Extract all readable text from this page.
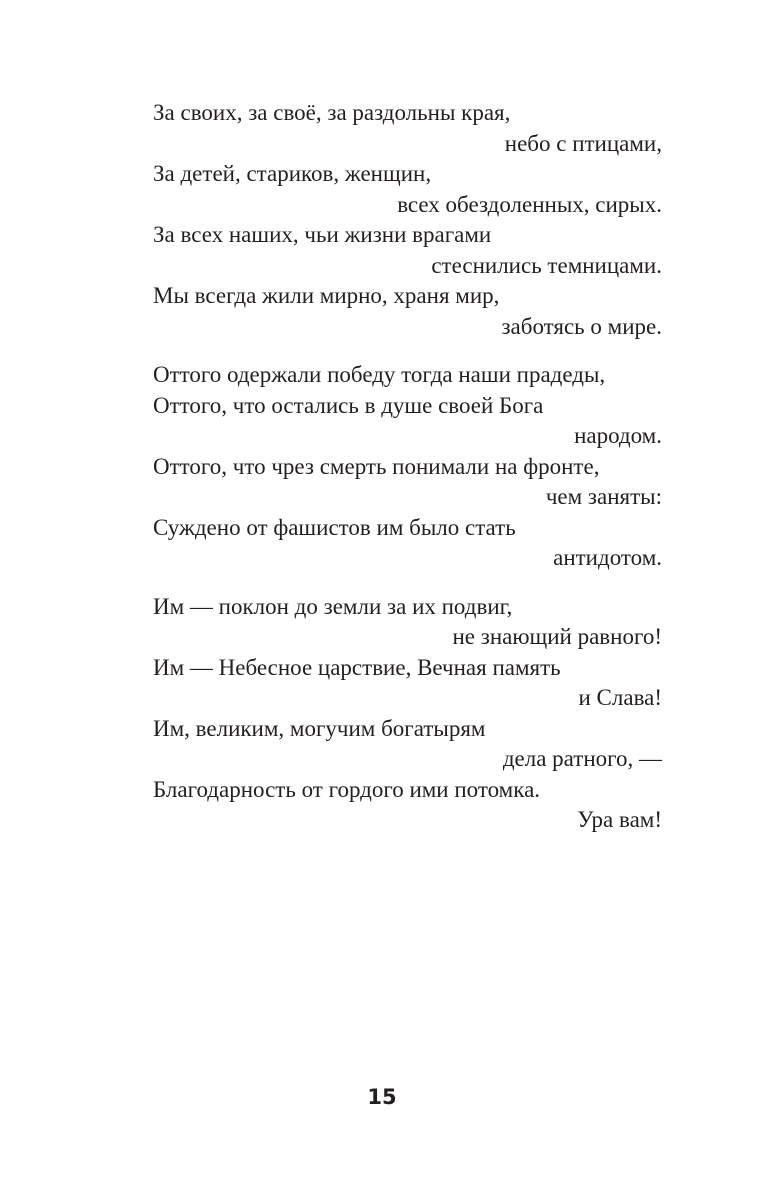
За своих, за своё, за раздольны края,
небо с птицами,
За детей, стариков, женщин,
всех обездоленных, сирых.
За всех наших, чьи жизни врагами
стеснились темницами.
Мы всегда жили мирно, храня мир,
заботясь о мире.
Оттого одержали победу тогда наши прадеды,
Оттого, что остались в душе своей Бога
народом.
Оттого, что чрез смерть понимали на фронте,
чем заняты:
Суждено от фашистов им было стать
антидотом.
Им — поклон до земли за их подвиг,
не знающий равного!
Им — Небесное царствие, Вечная память
и Слава!
Им, великим, могучим богатырям
дела ратного, —
Благодарность от гордого ими потомка.
Ура вам!
15
